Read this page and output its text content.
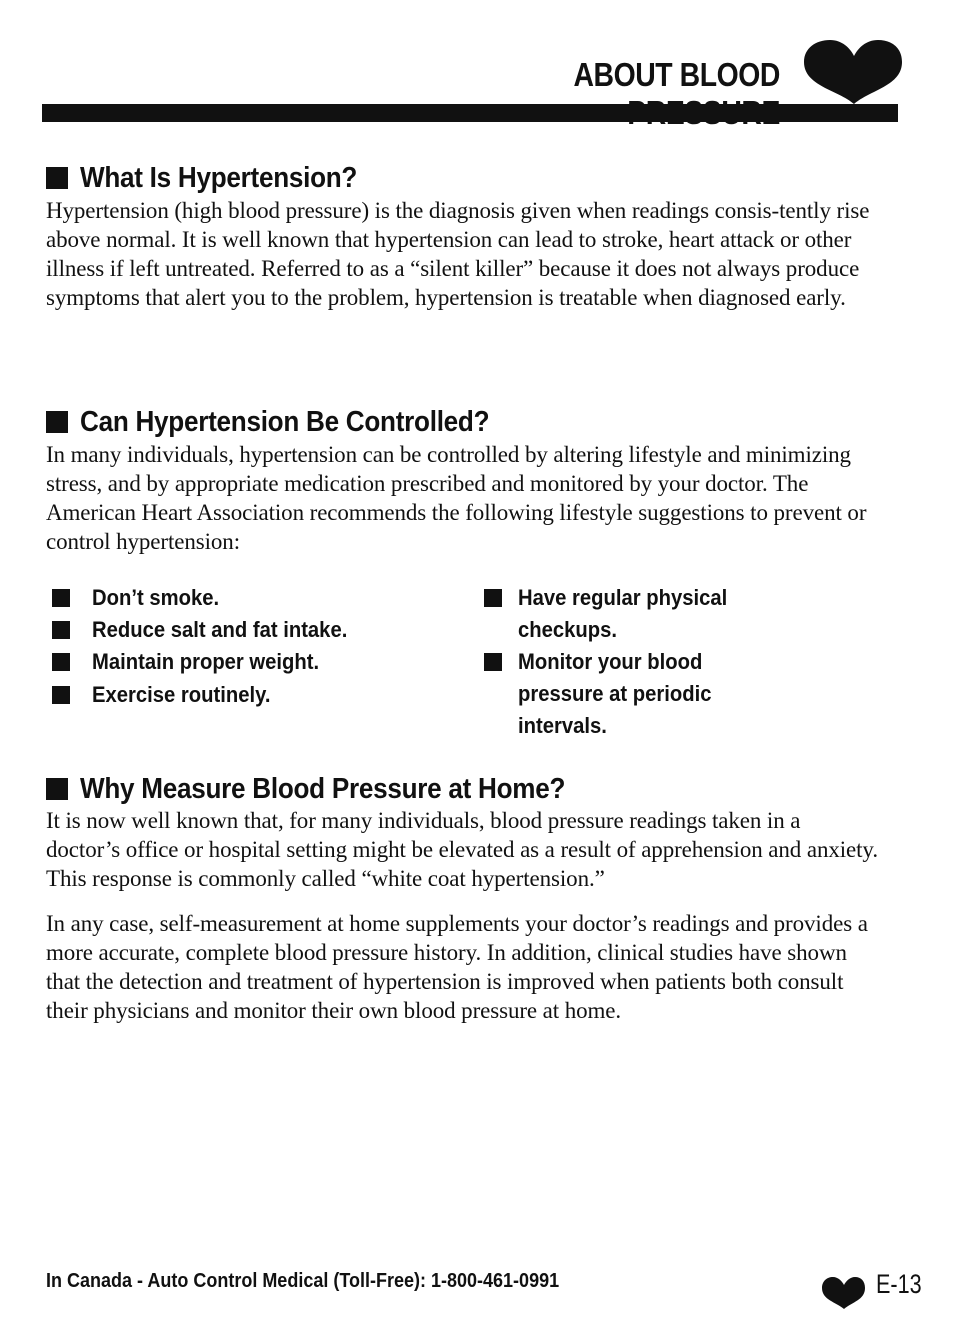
ABOUT BLOOD
What Is Hypertension?

Hypertension (high blood pressure) is the diagnosis given when readings consis-tently rise above normal. It is well known that hypertension can lead to stroke, heart attack or other illness if left untreated. Referred to as a “silent killer” because it does not always produce symptoms that alert you to the problem, hypertension is treatable when diagnosed early.

Can Hypertension Be Controlled?

In many individuals, hypertension can be controlled by altering lifestyle and minimizing stress, and by appropriate medication prescribed and monitored by your doctor. The American Heart Association recommends the following lifestyle suggestions to prevent or control hypertension:

Don’t smoke.
Reduce salt and fat intake.
Maintain proper weight.
Exercise routinely.
Have regular physical checkups.
Monitor your blood pressure at periodic intervals.
Why Measure Blood Pressure at Home?

It is now well known that, for many individuals, blood pressure readings taken in a doctor’s office or hospital setting might be elevated as a result of apprehension and anxiety. This response is commonly called “white coat hypertension.”

In any case, self-measurement at home supplements your doctor’s readings and provides a more accurate, complete blood pressure history. In addition, clinical studies have shown that the detection and treatment of hypertension is improved when patients both consult their physicians and monitor their own blood pressure at home.

In Canada - Auto Control Medical (Toll-Free): 1-800-461-0991	E-13
